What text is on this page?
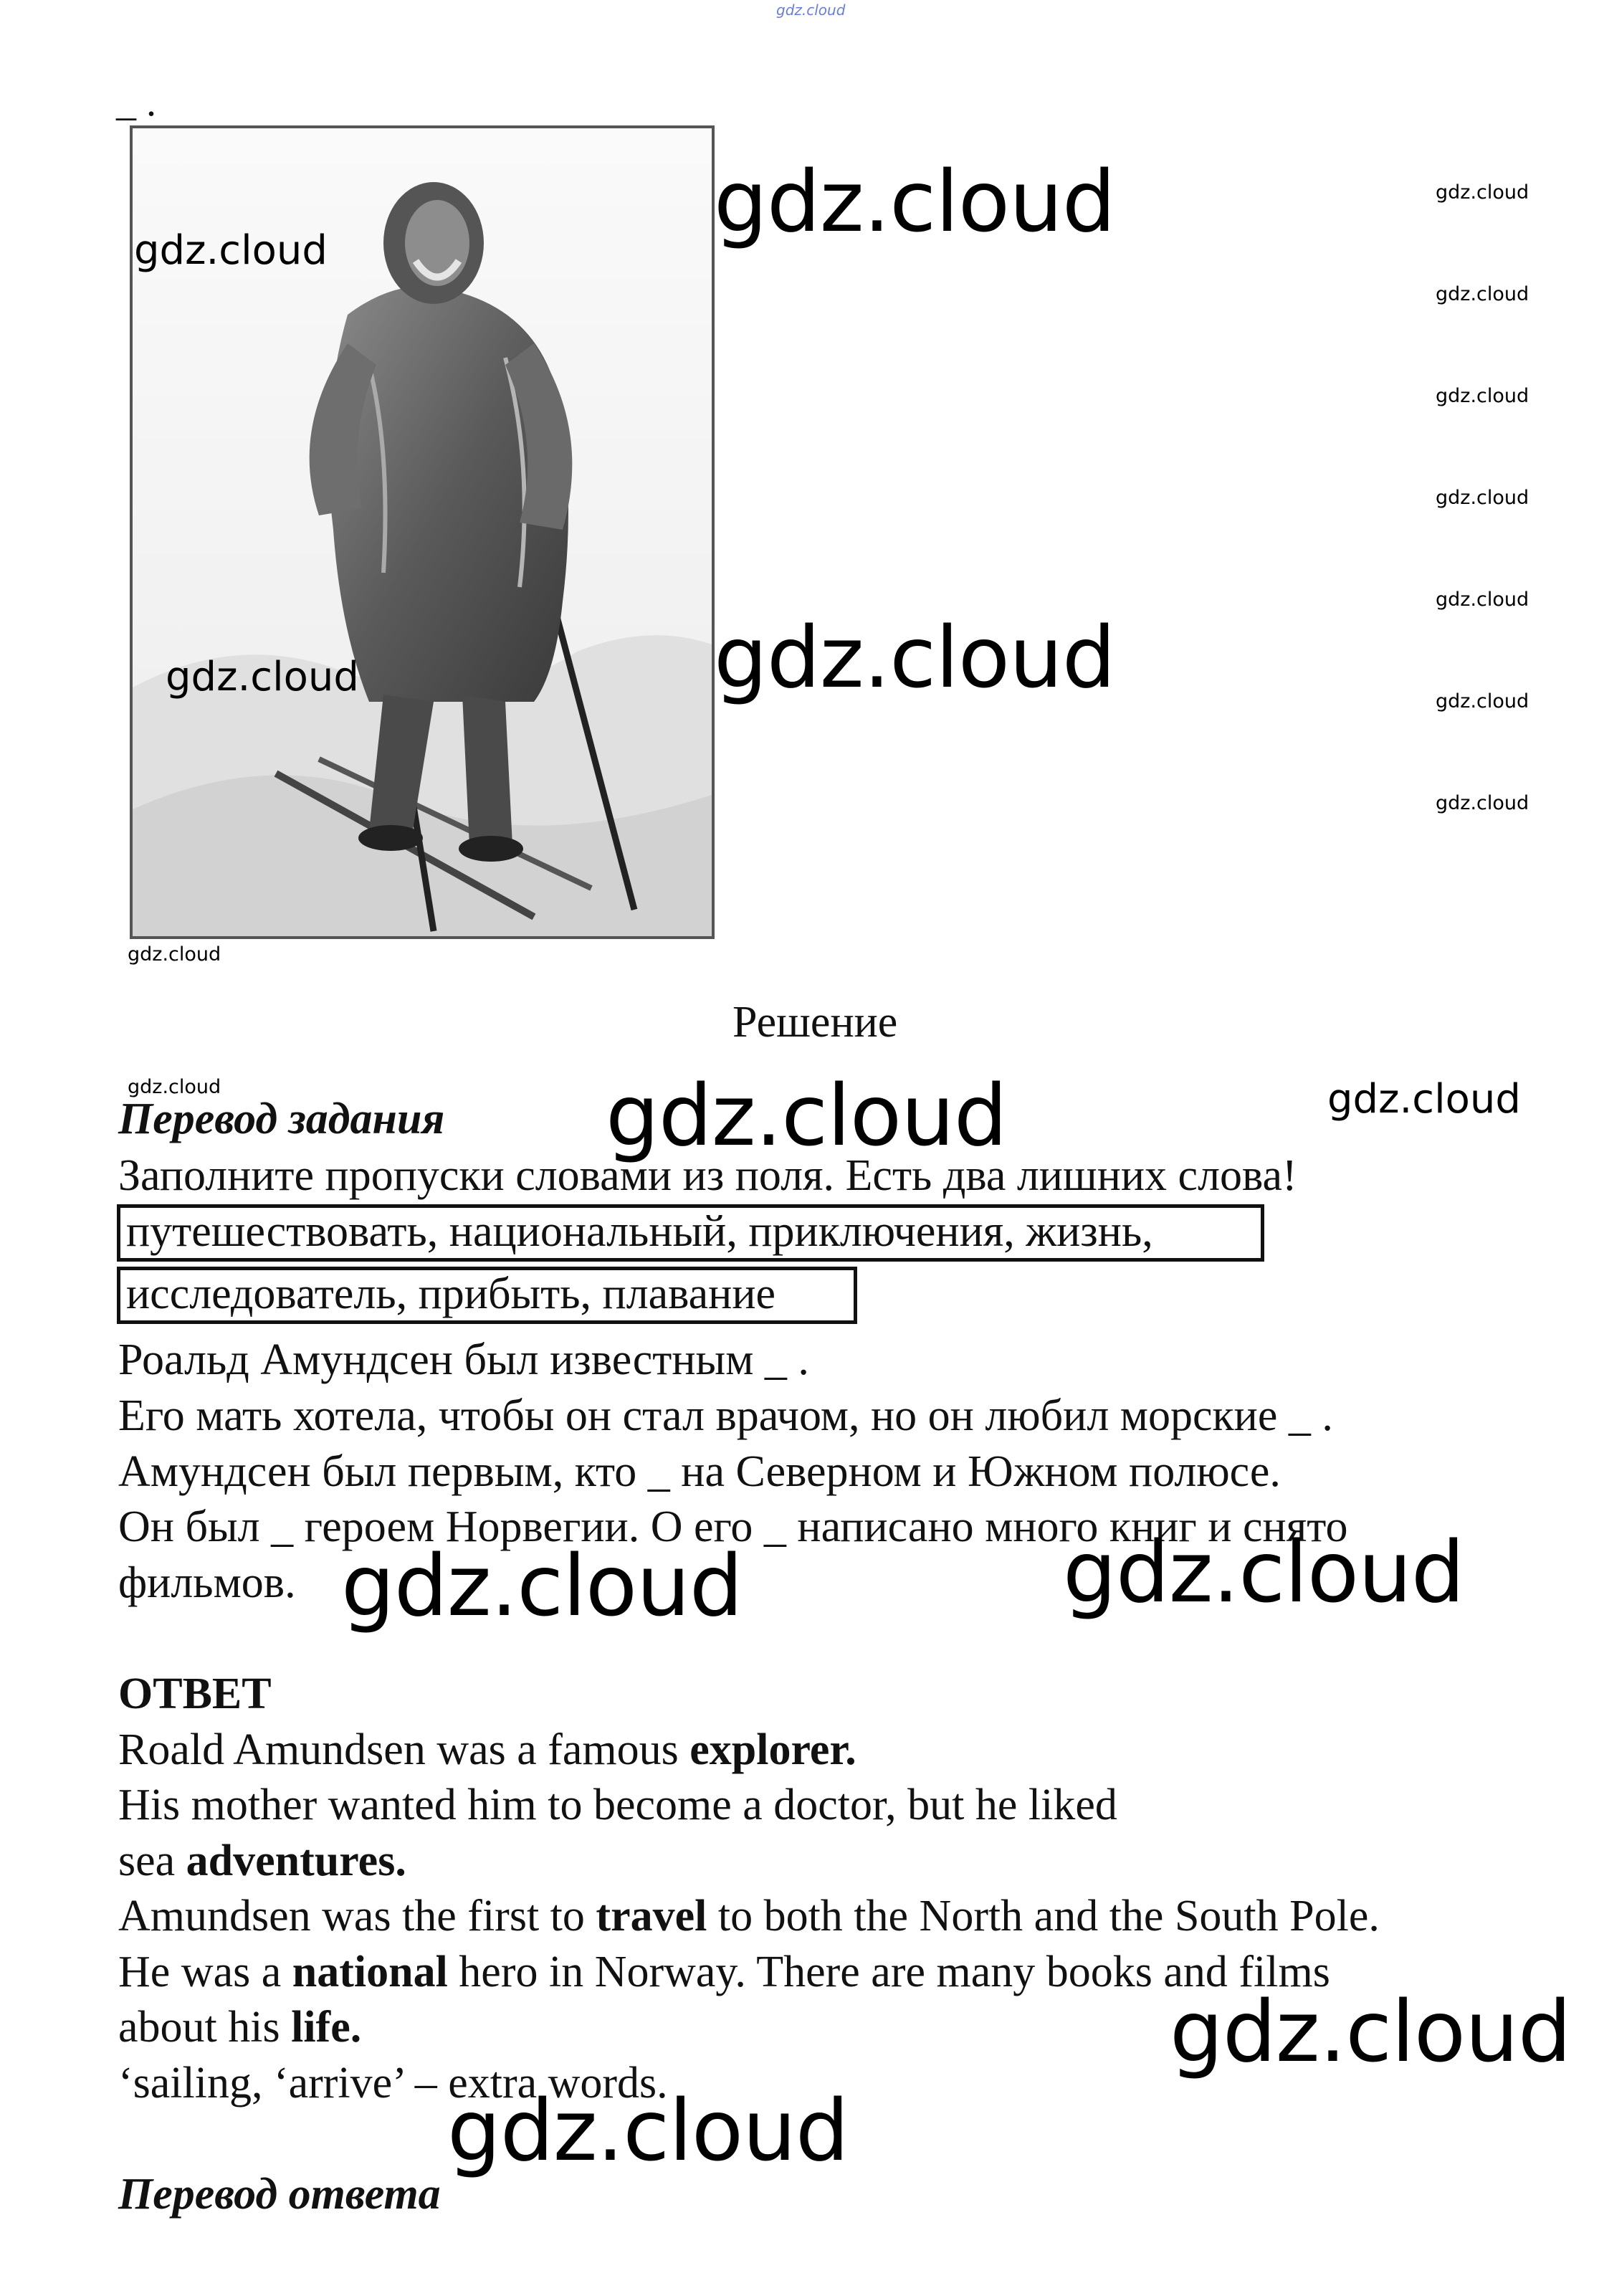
gdz.cloud
_ .
gdz.cloud
gdz.cloud
gdz.cloud
gdz.cloud
gdz.cloud
gdz.cloud
gdz.cloud
gdz.cloud
gdz.cloud
gdz.cloud
gdz.cloud
gdz.cloud
gdz.cloud	gdz.cloud	gdz.cloud
Решение
Перевод задания
Заполните пропуски словами из поля. Есть два лишних слова!
путешествовать, национальный, приключения, жизнь,
исследователь, прибыть, плавание
Роальд Амундсен был известным _ .
Его мать хотела, чтобы он стал врачом, но он любил морские _ .
Амундсен был первым, кто _ на Северном и Южном полюсе.
Он был _ героем Норвегии. О его _ написано много книг и снято
фильмов. gdz.cloud	gdz.cloud
ОТВЕТ
Roald Amundsen was a famous explorer.
His mother wanted him to become a doctor, but he liked
sea adventures.
Amundsen was the first to travel to both the North and the South Pole.
He was a national hero in Norway. There are many books and films
about his life.
‘sailing, ‘arrive’ – extra words.
gdz.cloud
gdz.cloud
Перевод ответа
